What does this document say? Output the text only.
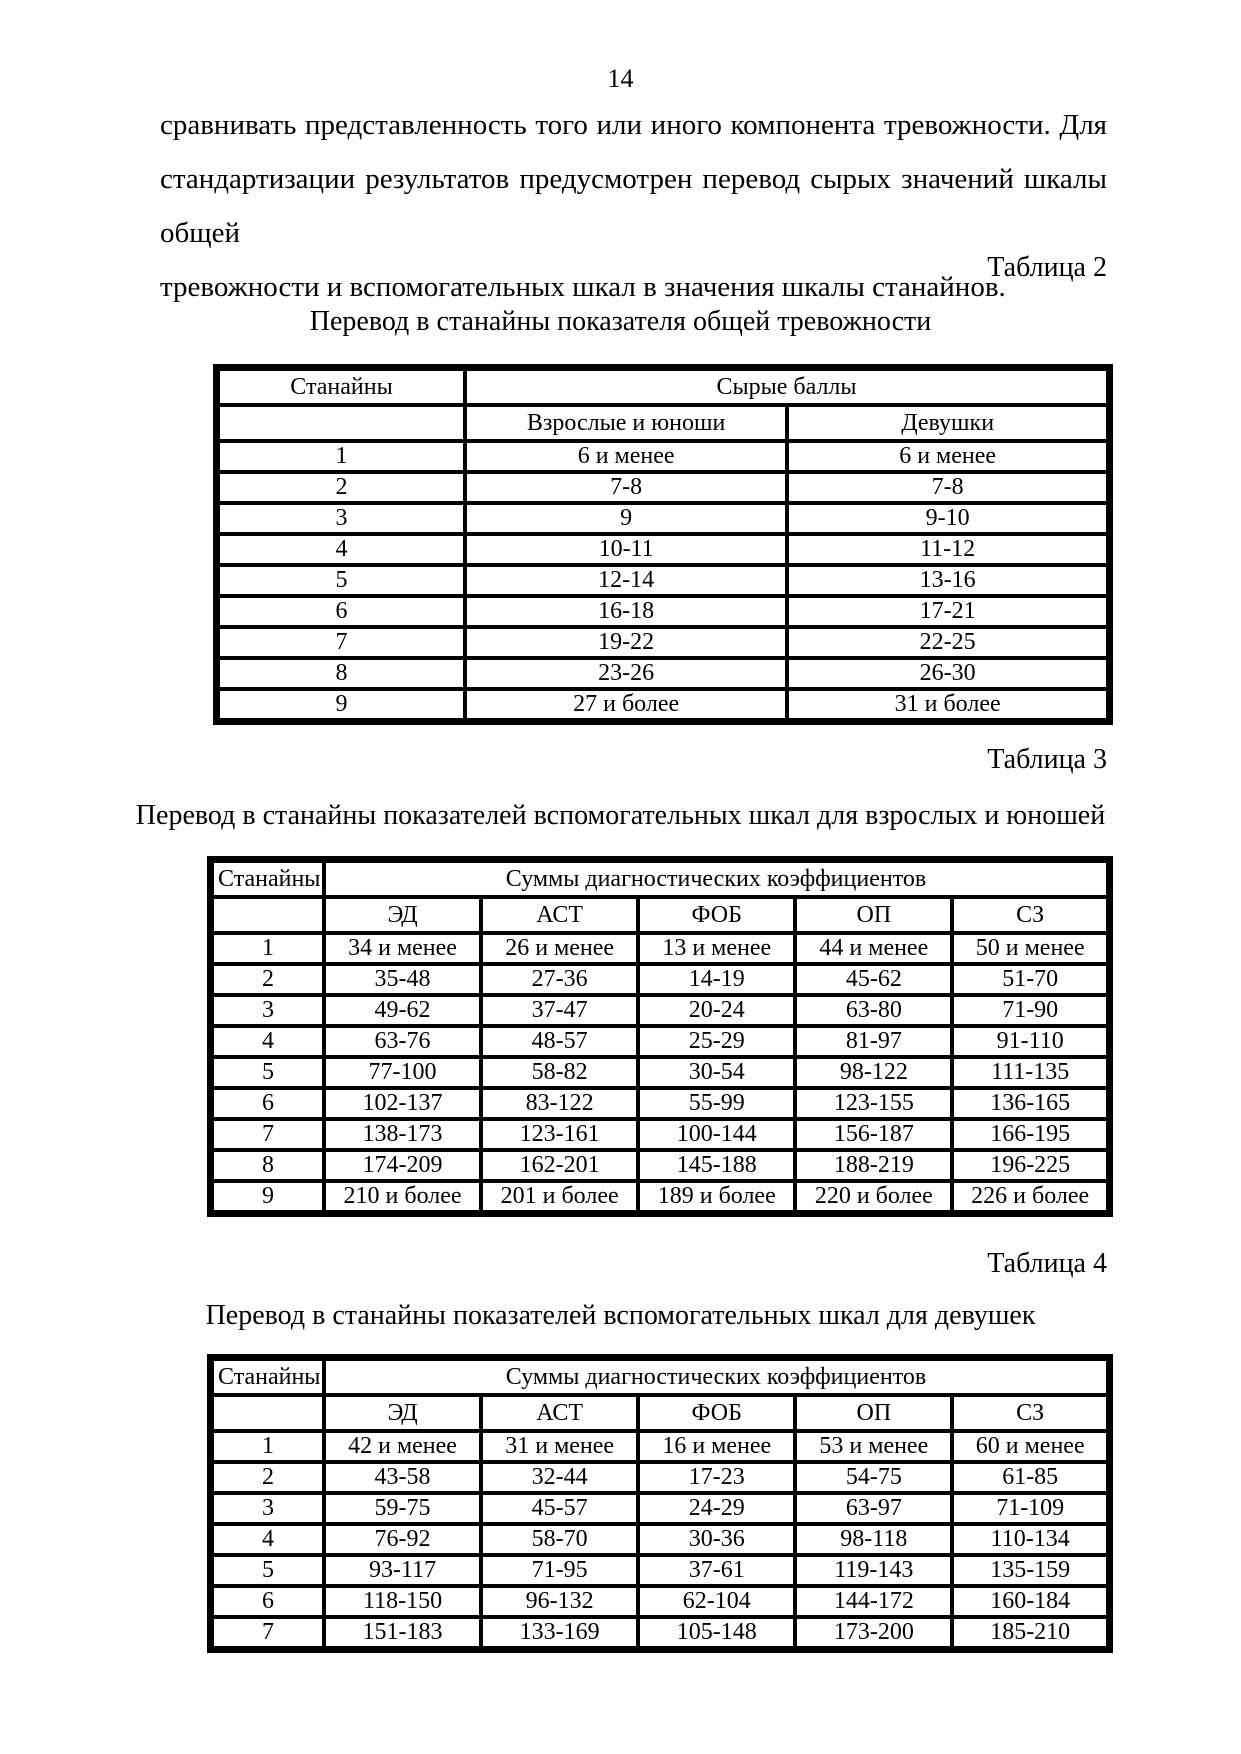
14
сравнивать представленность того или иного компонента тревожности. Для
стандартизации результатов предусмотрен перевод сырых значений шкалы общей
тревожности и вспомогательных шкал в значения шкалы станайнов.
Таблица 2
Перевод в станайны показателя общей тревожности
Станайны	Сырые баллы	
	Взрослые и юноши	Девушки
1	6 и менее	6 и менее
2	7-8	7-8
3	9	9-10
4	10-11	11-12
5	12-14	13-16
6	16-18	17-21
7	19-22	22-25
8	23-26	26-30
9	27 и более	31 и более
Таблица 3
Перевод в станайны показателей вспомогательных шкал для взрослых и юношей
Станайны	Суммы диагностических коэффициентов				
	ЭД	АСТ	ФОБ	ОП	СЗ
1	34 и менее	26 и менее	13 и менее	44 и менее	50 и менее
2	35-48	27-36	14-19	45-62	51-70
3	49-62	37-47	20-24	63-80	71-90
4	63-76	48-57	25-29	81-97	91-110
5	77-100	58-82	30-54	98-122	111-135
6	102-137	83-122	55-99	123-155	136-165
7	138-173	123-161	100-144	156-187	166-195
8	174-209	162-201	145-188	188-219	196-225
9	210 и более	201 и более	189 и более	220 и более	226 и более
Таблица 4
Перевод в станайны показателей вспомогательных шкал для девушек
Станайны	Суммы диагностических коэффициентов				
	ЭД	АСТ	ФОБ	ОП	СЗ
1	42 и менее	31 и менее	16 и менее	53 и менее	60 и менее
2	43-58	32-44	17-23	54-75	61-85
3	59-75	45-57	24-29	63-97	71-109
4	76-92	58-70	30-36	98-118	110-134
5	93-117	71-95	37-61	119-143	135-159
6	118-150	96-132	62-104	144-172	160-184
7	151-183	133-169	105-148	173-200	185-210
